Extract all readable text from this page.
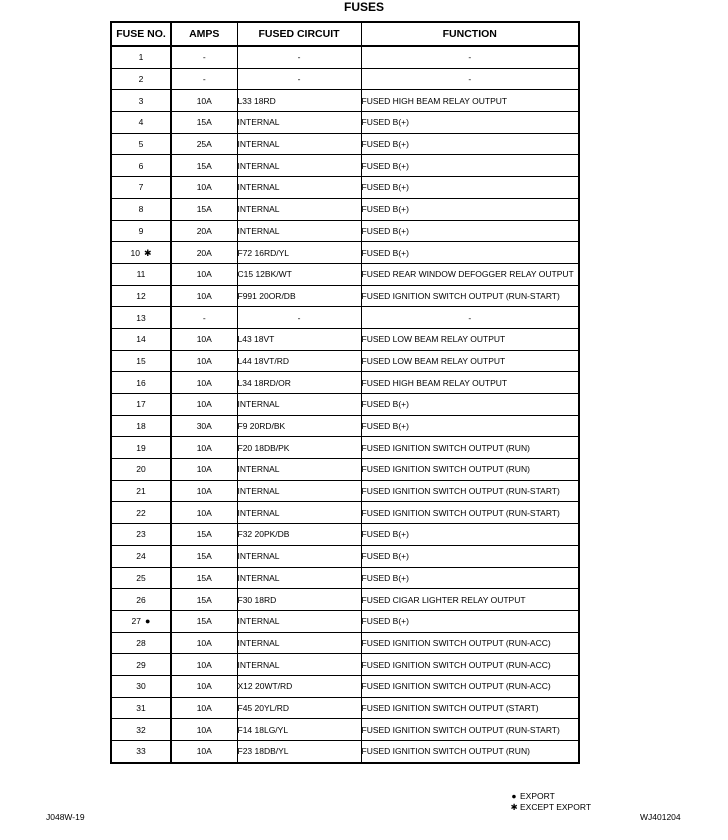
FUSES
FUSE NO.	AMPS	FUSED CIRCUIT	FUNCTION
1	-	-	-
2	-	-	-
3	10A	L33 18RD	FUSED HIGH BEAM RELAY OUTPUT
4	15A	INTERNAL	FUSED B(+)
5	25A	INTERNAL	FUSED B(+)
6	15A	INTERNAL	FUSED B(+)
7	10A	INTERNAL	FUSED B(+)
8	15A	INTERNAL	FUSED B(+)
9	20A	INTERNAL	FUSED B(+)
10 ✱	20A	F72 16RD/YL	FUSED B(+)
11	10A	C15 12BK/WT	FUSED REAR WINDOW DEFOGGER RELAY OUTPUT
12	10A	F991 20OR/DB	FUSED IGNITION SWITCH OUTPUT (RUN-START)
13	-	-	-
14	10A	L43 18VT	FUSED LOW BEAM RELAY OUTPUT
15	10A	L44 18VT/RD	FUSED LOW BEAM RELAY OUTPUT
16	10A	L34 18RD/OR	FUSED HIGH BEAM RELAY OUTPUT
17	10A	INTERNAL	FUSED B(+)
18	30A	F9 20RD/BK	FUSED B(+)
19	10A	F20 18DB/PK	FUSED IGNITION SWITCH OUTPUT (RUN)
20	10A	INTERNAL	FUSED IGNITION SWITCH OUTPUT (RUN)
21	10A	INTERNAL	FUSED IGNITION SWITCH OUTPUT (RUN-START)
22	10A	INTERNAL	FUSED IGNITION SWITCH OUTPUT (RUN-START)
23	15A	F32 20PK/DB	FUSED B(+)
24	15A	INTERNAL	FUSED B(+)
25	15A	INTERNAL	FUSED B(+)
26	15A	F30 18RD	FUSED CIGAR LIGHTER RELAY OUTPUT
27 ●	15A	INTERNAL	FUSED B(+)
28	10A	INTERNAL	FUSED IGNITION SWITCH OUTPUT (RUN-ACC)
29	10A	INTERNAL	FUSED IGNITION SWITCH OUTPUT (RUN-ACC)
30	10A	X12 20WT/RD	FUSED IGNITION SWITCH OUTPUT (RUN-ACC)
31	10A	F45 20YL/RD	FUSED IGNITION SWITCH OUTPUT (START)
32	10A	F14 18LG/YL	FUSED IGNITION SWITCH OUTPUT (RUN-START)
33	10A	F23 18DB/YL	FUSED IGNITION SWITCH OUTPUT (RUN)
● EXPORT
✱ EXCEPT EXPORT
J048W-19	WJ401204
